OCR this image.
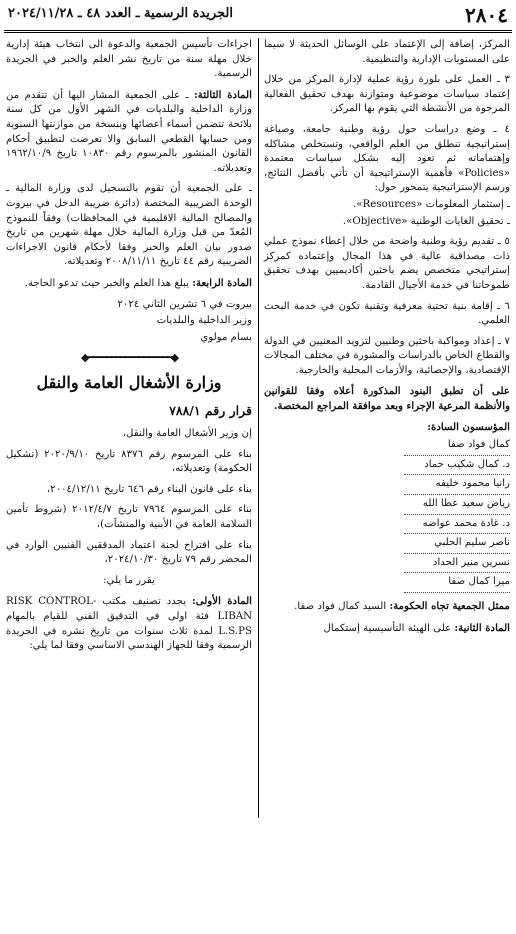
٢٨٠٤
الجريدة الرسمية ـ العدد ٤٨ ـ ٢٠٢٤/١١/٢٨

المركز، إضافة إلى الإعتماد على الوسائل الحديثة لا سيما على المستويات الإدارية والتنظيمية.

٣ ـ العمل على بلورة رؤية عملية لإدارة المركز من خلال إعتماد سياسات موضوعية ومتوازنة بهدف تحقيق الفعالية المرجوة من الأنشطة التي يقوم بها المركز.

٤ ـ وضع دراسات حول رؤية وطنية جامعة، وصياغة إستراتيجية تنطلق من العلم الواقعي، وتستخلص مشاكله وإهتماماته ثم تعود إليه بشكل سياسات معتمدة «Policies» فأهمية الإستراتيجية أن تأتي بأفضل النتائج، ورسم الإستراتيجية يتمحور حول:

ـ إستثمار المعلومات «Resources».

ـ تحقيق الغايات الوطنية «Objective».

٥ ـ تقديم رؤية وطنية واضحة من خلال إعطاء نموذج عملي ذات مصداقية عالية في هذا المجال وإعتماده كمركز إستراتيجي متخصص يضم باحثين أكاديميين بهدف تحقيق طموحاتنا في خدمة الأجيال القادمة.

٦ ـ إقامة بنية تحتية معرفية وتقنية تكون في خدمة البحث العلمي.

٧ ـ إعداد ومواكبة باحثين وطنيين لتزويد المعنيين في الدولة والقطاع الخاص بالدراسات والمشورة في مختلف المجالات الإقتصادية، والإحصائية، والأزمات المحلية والخارجية.

على أن تطبق البنود المذكورة أعلاه وفقا للقوانين والأنظمة المرعية الإجراء وبعد موافقة المراجع المختصة.

المؤسسون السادة:

كمال فواد صفا
د. كمال شكيب حماد
رانيا محمود خليفه
رياض سعيد عطا الله
د. غادة محمد عواضه
ناصر سليم الحلبي
نسرين منير الحداد
ميرا كمال صفا

ممثل الجمعية تجاه الحكومة: السيد كمال فواد صفا.

المادة الثانية: على الهيئة التأسيسية إستكمال

اجراءات تأسيس الجمعية والدعوة الى انتخاب هيئة إدارية خلال مهلة سنة من تاريخ نشر العلم والخبر في الجريدة الرسمية.

المادة الثالثة: ـ على الجمعية المشار اليها أن تتقدم من وزارة الداخلية والبلديات في الشهر الأول من كل سنة بلائحة تتضمن أسماء أعضائها وبنسخة من موازنتها السنوية ومن حسابها القطعي السابق والا تعرضت لتطبيق أحكام القانون المنشور بالمرسوم رقم ١٠٨٣٠ تاريخ ١٩٦٢/١٠/٩ وتعديلاته.

ـ على الجمعية أن تقوم بالتسجيل لدى وزارة المالية ـ الوحدة الضريبية المختصة (دائرة ضريبة الدخل في بيروت والمصالح المالية الاقليمية في المحافظات) وفقاً للنموذج المُعدّ من قبل وزارة المالية خلال مهلة شهرين من تاريخ صدور بيان العلم والخبر وفقا لأحكام قانون الاجراءات الضريبية رقم ٤٤ تاريخ ٢٠٠٨/١١/١١ وتعديلاته.

المادة الرابعة: يبلغ هذا العلم والخبر حيث تدعو الحاجة.

بيروت في ٦ تشرين الثاني ٢٠٢٤
وزير الداخلية والبلديات
بسام مولوي
◆━━━━━━━━━━━━━━━━━━◆
وزارة الأشغال العامة والنقل
قرار رقم ٧٨٨/١

إن وزير الأشغال العامة والنقل،

بناء على المرسوم رقم ٨٣٧٦ تاريخ ٢٠٢٠/٩/١٠ (تشكيل الحكومة) وتعديلاته،

بناء على قانون البناء رقم ٦٤٦ تاريخ ٢٠٠٤/١٢/١١،

بناء على المرسوم ٧٩٦٤ تاريخ ٢٠١٢/٤/٧ (شروط تأمين السلامة العامة في الأبنية والمنشآت)،

بناء على اقتراح لجنة اعتماد المدققين الفنيين الوارد في المحضر رقم ٧٩ تاريخ ٢٠٢٤/١٠/٣٠،

يقرر ما يلي:

المادة الأولى: يجدد تصنيف مكتب RISK CONTROL- LIBAN فئة اولى في التدقيق الفني للقيام بالمهام L.S.PS لمدة ثلاث سنوات من تاريخ نشره في الجريدة الرسمية وفقا للجهاز الهندسي الاساسي وفقا لما يلي:
